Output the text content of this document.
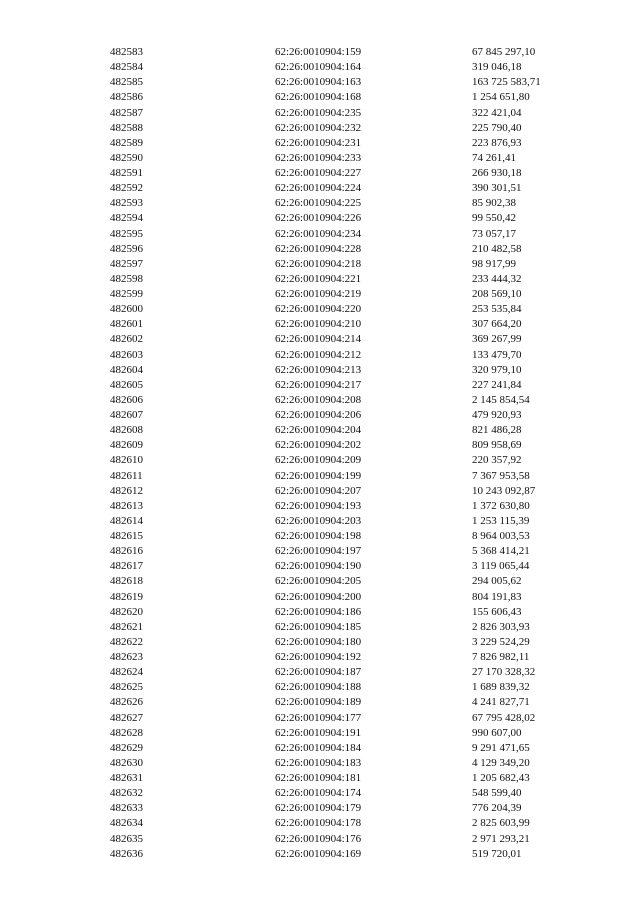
482583	62:26:0010904:159	67 845 297,10
482584	62:26:0010904:164	319 046,18
482585	62:26:0010904:163	163 725 583,71
482586	62:26:0010904:168	1 254 651,80
482587	62:26:0010904:235	322 421,04
482588	62:26:0010904:232	225 790,40
482589	62:26:0010904:231	223 876,93
482590	62:26:0010904:233	74 261,41
482591	62:26:0010904:227	266 930,18
482592	62:26:0010904:224	390 301,51
482593	62:26:0010904:225	85 902,38
482594	62:26:0010904:226	99 550,42
482595	62:26:0010904:234	73 057,17
482596	62:26:0010904:228	210 482,58
482597	62:26:0010904:218	98 917,99
482598	62:26:0010904:221	233 444,32
482599	62:26:0010904:219	208 569,10
482600	62:26:0010904:220	253 535,84
482601	62:26:0010904:210	307 664,20
482602	62:26:0010904:214	369 267,99
482603	62:26:0010904:212	133 479,70
482604	62:26:0010904:213	320 979,10
482605	62:26:0010904:217	227 241,84
482606	62:26:0010904:208	2 145 854,54
482607	62:26:0010904:206	479 920,93
482608	62:26:0010904:204	821 486,28
482609	62:26:0010904:202	809 958,69
482610	62:26:0010904:209	220 357,92
482611	62:26:0010904:199	7 367 953,58
482612	62:26:0010904:207	10 243 092,87
482613	62:26:0010904:193	1 372 630,80
482614	62:26:0010904:203	1 253 115,39
482615	62:26:0010904:198	8 964 003,53
482616	62:26:0010904:197	5 368 414,21
482617	62:26:0010904:190	3 119 065,44
482618	62:26:0010904:205	294 005,62
482619	62:26:0010904:200	804 191,83
482620	62:26:0010904:186	155 606,43
482621	62:26:0010904:185	2 826 303,93
482622	62:26:0010904:180	3 229 524,29
482623	62:26:0010904:192	7 826 982,11
482624	62:26:0010904:187	27 170 328,32
482625	62:26:0010904:188	1 689 839,32
482626	62:26:0010904:189	4 241 827,71
482627	62:26:0010904:177	67 795 428,02
482628	62:26:0010904:191	990 607,00
482629	62:26:0010904:184	9 291 471,65
482630	62:26:0010904:183	4 129 349,20
482631	62:26:0010904:181	1 205 682,43
482632	62:26:0010904:174	548 599,40
482633	62:26:0010904:179	776 204,39
482634	62:26:0010904:178	2 825 603,99
482635	62:26:0010904:176	2 971 293,21
482636	62:26:0010904:169	519 720,01
